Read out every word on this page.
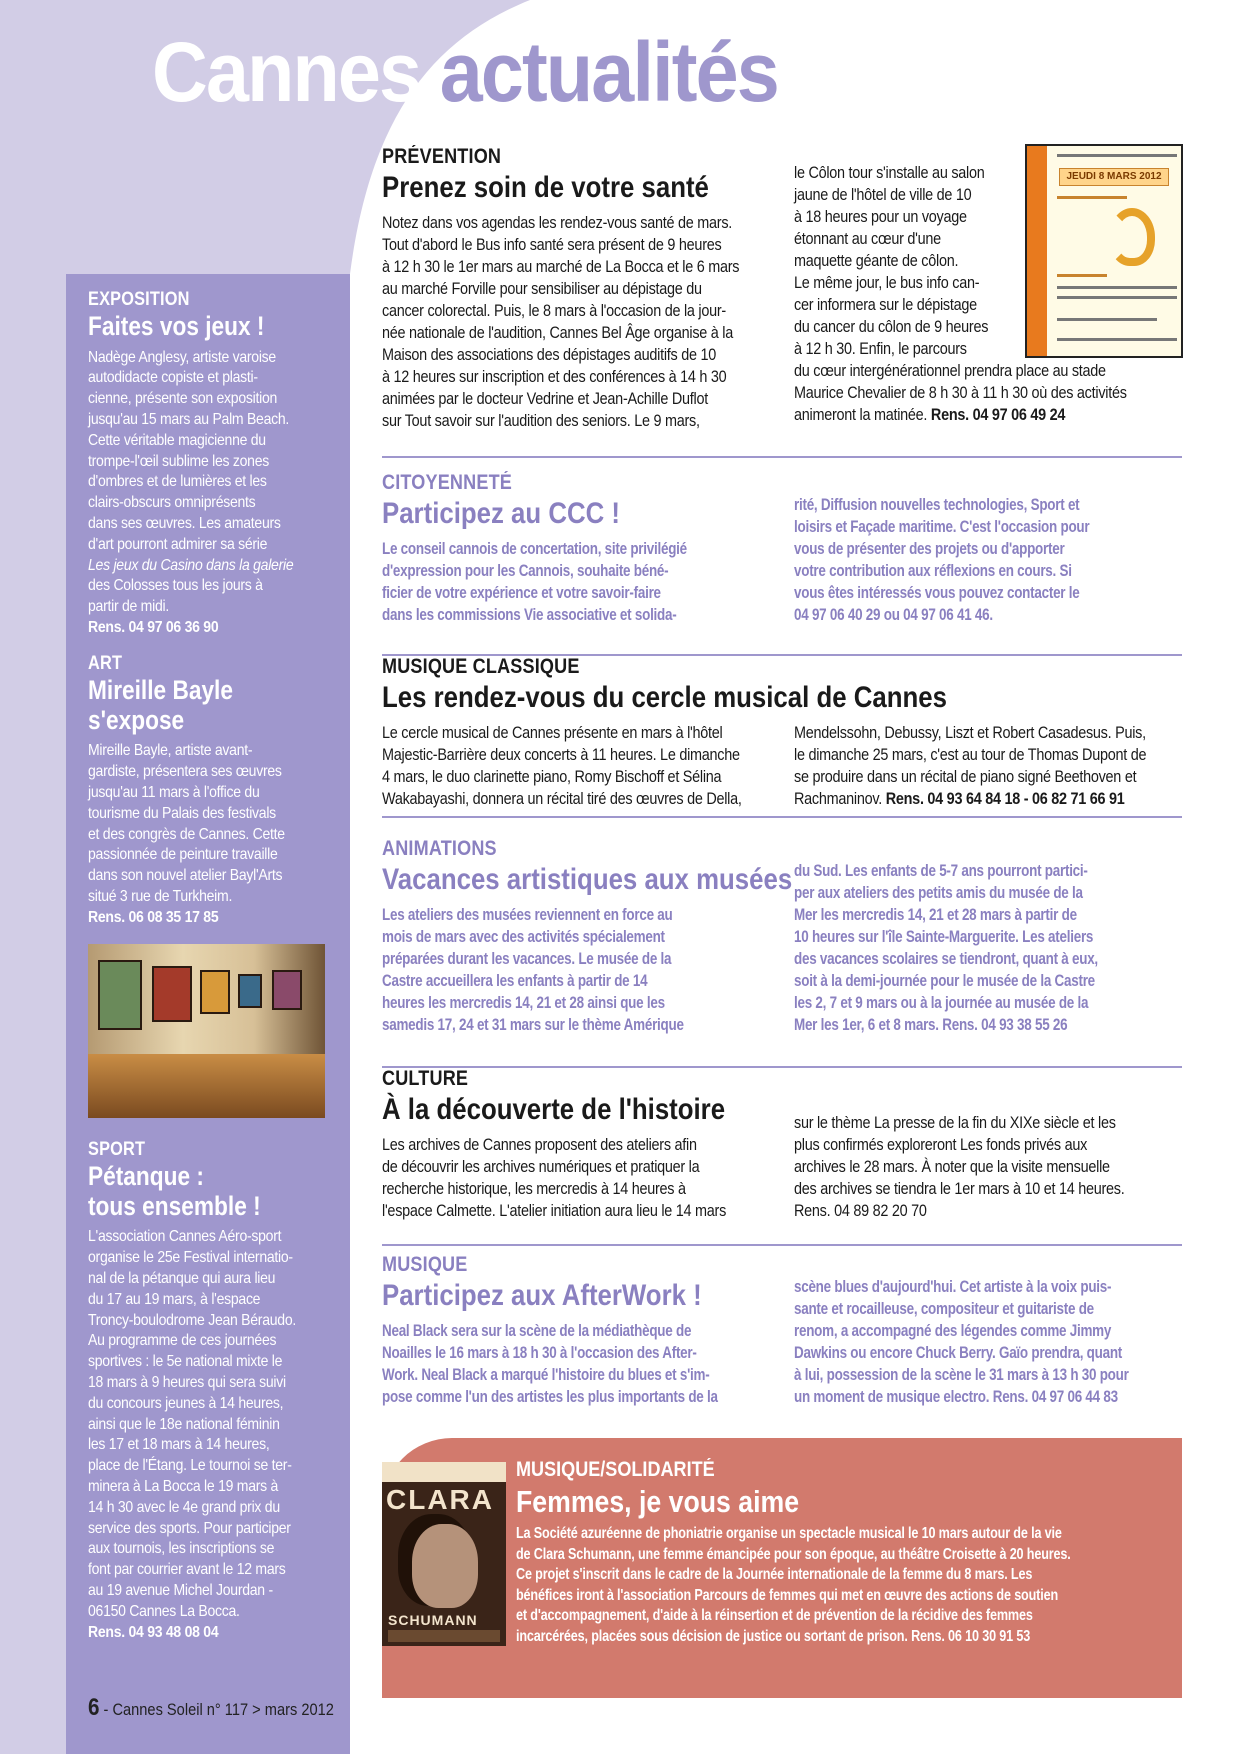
Cannes actualités
EXPOSITION
Faites vos jeux !
Nadège Anglesy, artiste varoise
autodidacte copiste et plasti-
cienne, présente son exposition
jusqu'au 15 mars au Palm Beach.
Cette véritable magicienne du
trompe-l'œil sublime les zones
d'ombres et de lumières et les
clairs-obscurs omniprésents
dans ses œuvres. Les amateurs
d'art pourront admirer sa série
Les jeux du Casino dans la galerie
des Colosses tous les jours à
partir de midi.
Rens. 04 97 06 36 90
ART
Mireille Bayle
s'expose
Mireille Bayle, artiste avant-
gardiste, présentera ses œuvres
jusqu'au 11 mars à l'office du
tourisme du Palais des festivals
et des congrès de Cannes. Cette
passionnée de peinture travaille
dans son nouvel atelier Bayl'Arts
situé 3 rue de Turkheim.
Rens. 06 08 35 17 85
SPORT
Pétanque :
tous ensemble !
L'association Cannes Aéro-sport
organise le 25e Festival internatio-
nal de la pétanque qui aura lieu
du 17 au 19 mars, à l'espace
Troncy-boulodrome Jean Béraudo.
Au programme de ces journées
sportives : le 5e national mixte le
18 mars à 9 heures qui sera suivi
du concours jeunes à 14 heures,
ainsi que le 18e national féminin
les 17 et 18 mars à 14 heures,
place de l'Étang. Le tournoi se ter-
minera à La Bocca le 19 mars à
14 h 30 avec le 4e grand prix du
service des sports. Pour participer
aux tournois, les inscriptions se
font par courrier avant le 12 mars
au 19 avenue Michel Jourdan -
06150 Cannes La Bocca.
Rens. 04 93 48 08 04
PRÉVENTION
Prenez soin de votre santé

Notez dans vos agendas les rendez-vous santé de mars.
Tout d'abord le Bus info santé sera présent de 9 heures
à 12 h 30 le 1er mars au marché de La Bocca et le 6 mars
au marché Forville pour sensibiliser au dépistage du
cancer colorectal. Puis, le 8 mars à l'occasion de la jour-
née nationale de l'audition, Cannes Bel Âge organise à la
Maison des associations des dépistages auditifs de 10
à 12 heures sur inscription et des conférences à 14 h 30
animées par le docteur Vedrine et Jean-Achille Duflot
sur Tout savoir sur l'audition des seniors. Le 9 mars,

le Côlon tour s'installe au salon
jaune de l'hôtel de ville de 10
à 18 heures pour un voyage
étonnant au cœur d'une
maquette géante de côlon.
Le même jour, le bus info can-
cer informera sur le dépistage
du cancer du côlon de 9 heures
à 12 h 30. Enfin, le parcours
du cœur intergénérationnel prendra place au stade
Maurice Chevalier de 8 h 30 à 11 h 30 où des activités
animeront la matinée. Rens. 04 97 06 49 24

JEUDI 8 MARS 2012
CITOYENNETÉ
Participez au CCC !

Le conseil cannois de concertation, site privilégié
d'expression pour les Cannois, souhaite béné-
ficier de votre expérience et votre savoir-faire
dans les commissions Vie associative et solida-

rité, Diffusion nouvelles technologies, Sport et
loisirs et Façade maritime. C'est l'occasion pour
vous de présenter des projets ou d'apporter
votre contribution aux réflexions en cours. Si
vous êtes intéressés vous pouvez contacter le
04 97 06 40 29 ou 04 97 06 41 46.

MUSIQUE CLASSIQUE
Les rendez-vous du cercle musical de Cannes

Le cercle musical de Cannes présente en mars à l'hôtel
Majestic-Barrière deux concerts à 11 heures. Le dimanche
4 mars, le duo clarinette piano, Romy Bischoff et Sélina
Wakabayashi, donnera un récital tiré des œuvres de Della,

Mendelssohn, Debussy, Liszt et Robert Casadesus. Puis,
le dimanche 25 mars, c'est au tour de Thomas Dupont de
se produire dans un récital de piano signé Beethoven et
Rachmaninov. Rens. 04 93 64 84 18 - 06 82 71 66 91

ANIMATIONS
Vacances artistiques aux musées

Les ateliers des musées reviennent en force au
mois de mars avec des activités spécialement
préparées durant les vacances. Le musée de la
Castre accueillera les enfants à partir de 14
heures les mercredis 14, 21 et 28 ainsi que les
samedis 17, 24 et 31 mars sur le thème Amérique

du Sud. Les enfants de 5-7 ans pourront partici-
per aux ateliers des petits amis du musée de la
Mer les mercredis 14, 21 et 28 mars à partir de
10 heures sur l'île Sainte-Marguerite. Les ateliers
des vacances scolaires se tiendront, quant à eux,
soit à la demi-journée pour le musée de la Castre
les 2, 7 et 9 mars ou à la journée au musée de la
Mer les 1er, 6 et 8 mars. Rens. 04 93 38 55 26

CULTURE
À la découverte de l'histoire

Les archives de Cannes proposent des ateliers afin
de découvrir les archives numériques et pratiquer la
recherche historique, les mercredis à 14 heures à
l'espace Calmette. L'atelier initiation aura lieu le 14 mars

sur le thème La presse de la fin du XIXe siècle et les
plus confirmés exploreront Les fonds privés aux
archives le 28 mars. À noter que la visite mensuelle
des archives se tiendra le 1er mars à 10 et 14 heures.
Rens. 04 89 82 20 70

MUSIQUE
Participez aux AfterWork !

Neal Black sera sur la scène de la médiathèque de
Noailles le 16 mars à 18 h 30 à l'occasion des After-
Work. Neal Black a marqué l'histoire du blues et s'im-
pose comme l'un des artistes les plus importants de la

scène blues d'aujourd'hui. Cet artiste à la voix puis-
sante et rocailleuse, compositeur et guitariste de
renom, a accompagné des légendes comme Jimmy
Dawkins ou encore Chuck Berry. Gaïo prendra, quant
à lui, possession de la scène le 31 mars à 13 h 30 pour
un moment de musique electro. Rens. 04 97 06 44 83

CLARA
SCHUMANN
MUSIQUE/SOLIDARITÉ
Femmes, je vous aime
La Société azuréenne de phoniatrie organise un spectacle musical le 10 mars autour de la vie
de Clara Schumann, une femme émancipée pour son époque, au théâtre Croisette à 20 heures.
Ce projet s'inscrit dans le cadre de la Journée internationale de la femme du 8 mars. Les
bénéfices iront à l'association Parcours de femmes qui met en œuvre des actions de soutien
et d'accompagnement, d'aide à la réinsertion et de prévention de la récidive des femmes
incarcérées, placées sous décision de justice ou sortant de prison. Rens. 06 10 30 91 53
6 - Cannes Soleil n° 117 > mars 2012
